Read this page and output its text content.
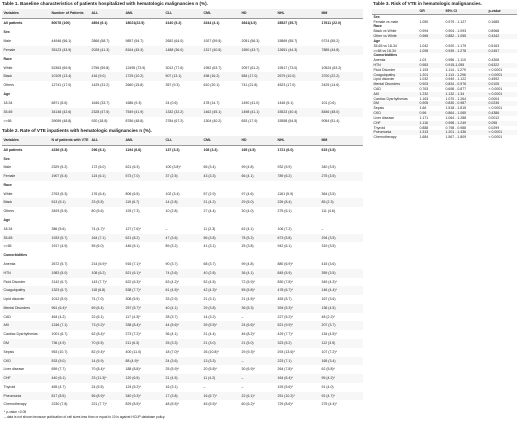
Table 1. Baseline characteristics of patients hospitalized with hematologic malignancies n (%).
Variables	Number of Patients	ALL	AML	CLL	CML	HD	NHL	MM
All patients	80078 (100)	4894 (6.1)	18021(22.5)	4140 (5.2)	3244 (4.1)	3641(4.5)	28527 (35.7)	17611 (22.0)
Sex								
Male	44946 (56.1)	2866 (58.7)	9857 (54.7)	2652 (64.0)	1927 (59.5)	2051 (56.3)	15869 (55.7)	9724 (55.2)
Female	35123 (43.9)	2028 (41.3)	8164 (45.3)	1488 (36.0)	1317 (40.5)	1590 (43.7)	12651 (44.3)	7885 (44.8)
Race								
White	52363 (69.5)	2756 (59.8)	12495 (73.9)	3012 (77.6)	1952 (63.7)	2097 (61.2)	19517 (73.0)	10524 (63.2)
Black	10109 (13.4)	416 (9.0)	1725 (10.2)	507 (13.1)	498 (16.2)	584 (17.0)	2679 (10.0)	3700 (22.2)
Others	12741 (17.0)	1425 (31.2)	2660 (15.8)	357 (9.3)	610 (20.1)	741 (21.8)	4523 (17.0)	2425 (14.6)
Age								
18-34	6871 (8.6)	1646 (33.7)	1686 (9.3)	24 (0.6)	478 (14.7)	1490 (41.0)	1446 (5.1)	101 (0.6)
35-65	34148 (42.6)	2328 (47.5)	7549 (41.9)	1332 (32.2)	1462 (45.1)	1498 (41.1)	15523 (40.4)	8456 (48.0)
>=65	39059 (48.8)	920 (18.8)	8786 (48.8)	2784 (67.2)	1304 (40.2)	653 (17.9)	15558 (54.5)	9054 (51.4)
Table 2. Rate of VTE inpatients with hematologic malignancies n (%).
Variables	N of patients with VTE	ALL	AML	CLL	CML	HD	NHL	MM
All patients	4236 (5.3)	296 (6.1)	1194 (6.6)	137 (3.3)	108 (3.3)	165 (4.5)	1721 (6.0)	615 (3.5)
Sex								
Male	2329 (5.2)	172 (6.0)	621 (6.3)	100 (3.8)*	65 (3.4)	99 (4.8)	932 (5.9)	340 (3.5)
Female	1907 (5.4)	124 (6.1)	573 (7.0)	37 (2.5)	43 (3.3)	66 (4.1)	789 (6.2)	275 (3.5)
Race								
White	2763 (5.3)	176 (6.4)	806 (6.5)	102 (3.4)	57 (2.9)	97 (4.6)	1161 (5.9)	364 (3.5)
Black	513 (5.1)	23 (5.5)	115 (6.7)	14 (2.8)	21 (4.2)	29 (5.0)	226 (8.4)	85 (2.3)
Others	3493 (5.5)	80 (5.6)	193 (7.3)	10 (2.8)	27 (4.4)	30 (4.0)	275 (6.1)	111 (4.6)
Age								
18-34	386 (5.6)	74 (4.7)*	127 (7.6)*	–	11 (2.3)	62 (4.1)	106 (7.2)	–
35-65	1933 (5.7)	164 (7.1)	621 (8.2)	47 (3.6)	56 (3.8)	78 (5.2)	673 (5.8)	294 (3.5)
>=65	1917 (4.9)	55 (6.0)	446 (5.1)	89 (3.2)	41 (3.1)	25 (3.8)	942 (6.1)	319 (3.5)
Comorbidities								
Anemia	2672 (5.7)	214 (6.9)*	916 (7.1)*	90 (3.7)	68 (3.7)	99 (4.8)	880 (6.9)*	415 (3.6)
HTN	1983 (5.0)	108 (6.2)	521 (6.1)*	74 (3.6)	40 (2.8)	36 (4.1)	845 (5.9)	359 (3.5)
Fluid Disorder	2142 (6.7)	143 (7.7)*	622 (6.3)*	63 (4.2)*	52 (4.5)	72 (5.9)*	830 (7.8)*	349 (4.3)*
Coagulopathy	1323 (6.7)	118 (6.8)	538 (7.7)*	61 (4.5)*	42 (4.3)*	55 (5.8)*	478 (6.7)*	146 (4.4)*
Lipid disorder	1012 (5.0)	74 (7.0)	308 (5.5)	33 (2.9)	21 (3.1)	21 (4.5)*	453 (5.7)	167 (3.6)
Mental Disorders	961 (6.4)*	69 (6.4)	257 (5.7)*	40 (4.1)	29 (3.8)	36 (5.3)	394 (5.3)*	136 (4.5)
CAD	464 (4.2)	22 (6.1)	117 (4.3)*	28 (3.7)	14 (3.2)	–	227 (5.2)*	48 (2.2)*
AKI	1246 (7.1)	73 (9.2)*	338 (8.4)*	44 (5.6)*	39 (5.5)*	24 (6.6)*	521 (9.9)*	207 (3.7)
Cardiac Dysrhythmias	1001 (6.7)	62 (8.4)*	273 (7.2)*	36 (4.1)	21 (4.4)	46 (8.2)*	429 (7.7)*	134 (4.5)*
DM	736 (4.9)	70 (6.5)	211 (6.3)	25 (3.3)	21 (3.0)	21 (5.0)	323 (5.2)	112 (3.5)
Sepsis	953 (10.7)	82 (9.4)*	400 (11.0)	18 (7.0)*	26 (10.8)*	29 (9.3)*	293 (13.6)*	107 (7.2)*
CKD	533 (5.0)	14 (5.9)	88 (4.9)*	24 (3.6)	13 (3.3)	–	223 (7.1)	165 (3.4)
Liver disease	659 (7.7)	70 (8.4)*	188 (8.8)*	25 (5.9)*	20 (5.8)*	30 (6.9)*	264 (7.8)*	62 (5.8)*
CHF	440 (6.1)	23 (11.3)*	120 (6.5)	21 (4.5)	11 (4.2)	–	164 (6.4)*	95 (4.2)*
Thyroid	465 (4.7)	24 (5.5)	124 (5.2)*	16 (3.1)	–	–	193 (5.6)*	91 (4.0)
Pneumonia	817 (8.5)	56 (8.9)*	340 (9.3)*	17 (3.8)	16 (6.7)*	22 (6.1)*	251 (10.2)*	92 (4.7)*
Chemotherapy	2230 (7.8)	221 (7.7)*	829 (8.5)*	48 (5.5)*	45 (5.5)*	60 (6.2)*	729 (8.6)*	275 (4.4)*
* p-value <0.05
– data is not shown because publication of cell sizes less than or equal to 10 is against HCUP database policy.
Table 3. Risk of VTE in hematologic malignancies.
	OR	95% CI	p-value
Sex			
Female vs male	1.050	0.979 - 1.127	0.1685
Race			
Black vs White	0.994	0.904 - 1.093	0.8968
Other vs White	0.965	0.882 - 1.055	0.4342
Age			
35-65 vs 18-34	1.042	0.920 - 1.179	0.5163
>=65 vs 18-34	1.095	0.939 - 1.278	0.2457
Comorbidities			
Anemia	1.03	0.956 - 1.110	0.4306
HTN	0.983	0.915-1.055	0.6322
Fluid Disorder	1.193	1.114 - 1.279	< 0.0001
Coagulopathy	1.201	1.113 - 1.296	< 0.0001
Lipid disorder	1.032	0.949 - 1.122	0.4592
Mental Disorders	0.903	0.834 - 0.976	0.0105
CAD	0.763	0.698 - 0.877	< 0.0001
AKI	1.232	1.132 - 1.34	< 0.0001
Cardiac Dysrhythmias	1.163	1.070 - 1.264	0.0004
DM	0.905	0.830 - 0.987	0.0235
Sepsis	1.66	1.518 - 1.815	< 0.0001
CKD	0.96	0.864 - 1.065	0.4386
Liver disease	1.171	1.064 - 1.288	0.0012
CHF	1.116	0.998 - 1.249	0.055
Thyroid	0.888	0.798 - 0.988	0.0299
Pneumonia	1.313	1.201 - 1.436	< 0.0001
Chemotherapy	1.684	1.567 - 1.809	< 0.0001
